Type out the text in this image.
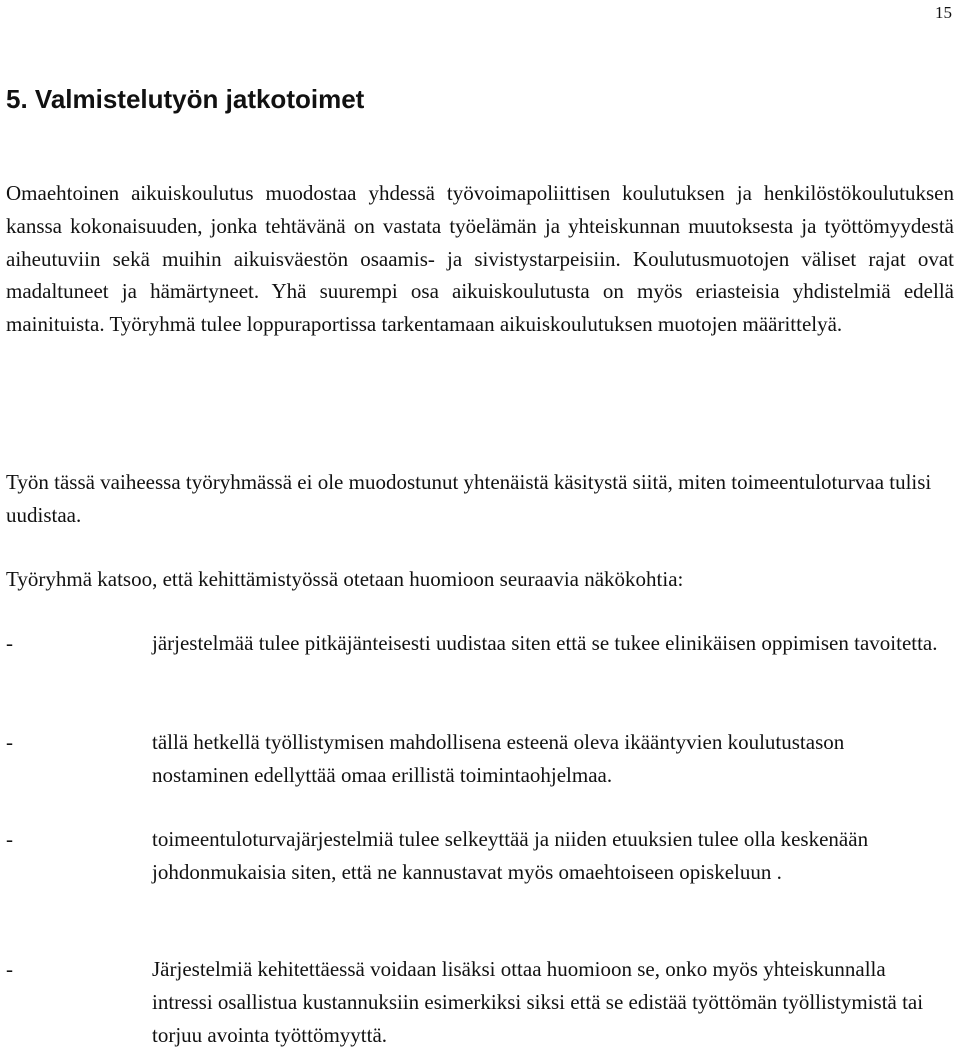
15
5. Valmistelutyön jatkotoimet

Omaehtoinen aikuiskoulutus muodostaa yhdessä työvoimapoliittisen koulutuksen ja henkilöstökoulutuksen kanssa kokonaisuuden, jonka tehtävänä on vastata työelämän ja yhteiskunnan muutoksesta ja työttömyydestä aiheutuviin sekä muihin aikuisväestön osaamis- ja sivistystarpeisiin. Koulutusmuotojen väliset rajat ovat madaltuneet ja hämärtyneet. Yhä suurempi osa aikuiskoulutusta on myös eriasteisia yhdistelmiä edellä mainituista. Työryhmä tulee loppuraportissa tarkentamaan aikuiskoulutuksen muotojen määrittelyä.

Työn tässä vaiheessa työryhmässä ei ole muodostunut yhtenäistä käsitystä siitä, miten toimeentuloturvaa tulisi uudistaa.

Työryhmä katsoo, että kehittämistyössä otetaan huomioon seuraavia näkökohtia:

-	järjestelmää tulee pitkäjänteisesti uudistaa siten että se tukee elinikäisen oppimisen tavoitetta.
-	tällä hetkellä työllistymisen mahdollisena esteenä oleva ikääntyvien koulutustason nostaminen edellyttää omaa erillistä toimintaohjelmaa.
-	toimeentuloturvajärjestelmiä tulee selkeyttää ja niiden etuuksien tulee olla keskenään johdonmukaisia siten, että ne kannustavat myös omaehtoiseen opiskeluun .
-	Järjestelmiä kehitettäessä voidaan lisäksi ottaa huomioon se, onko myös yhteiskunnalla intressi osallistua kustannuksiin esimerkiksi siksi että se edistää työttömän työllistymistä tai torjuu avointa työttömyyttä.
